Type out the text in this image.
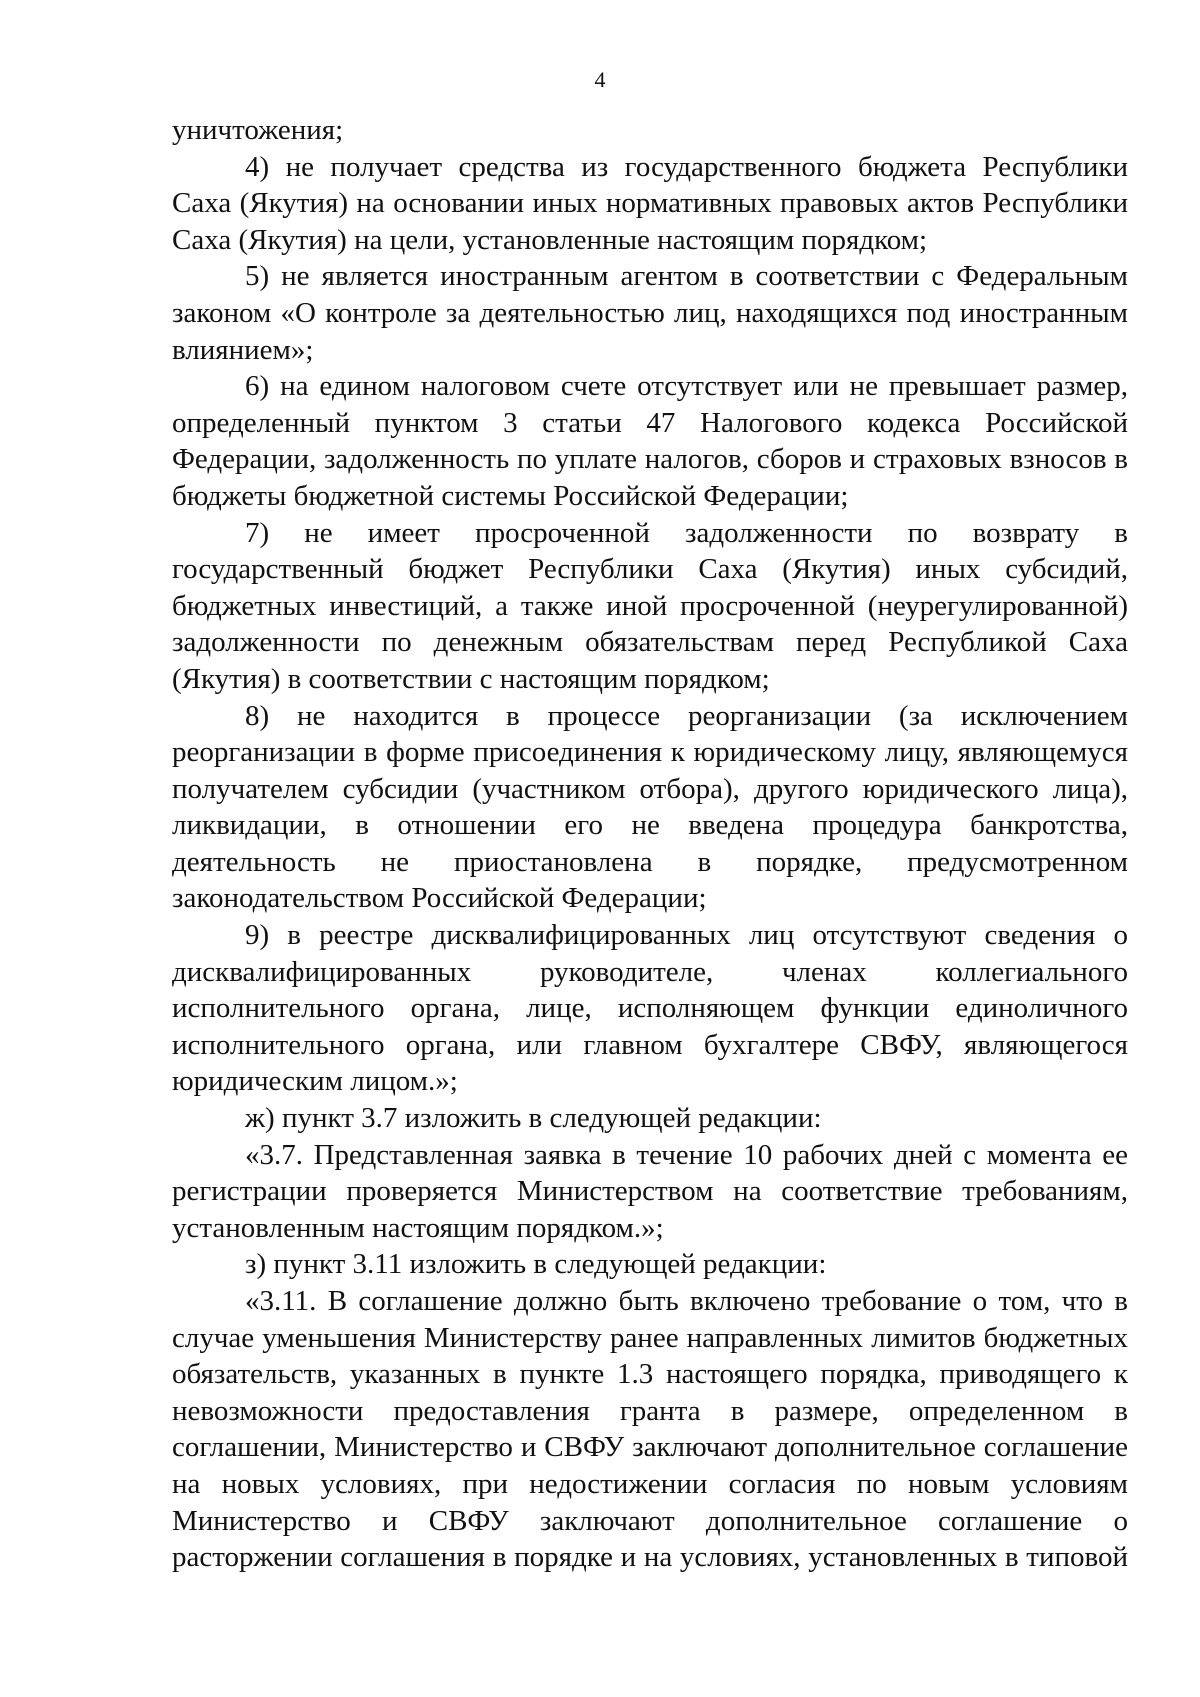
4

уничтожения;

4) не получает средства из государственного бюджета Республики Саха (Якутия) на основании иных нормативных правовых актов Республики Саха (Якутия) на цели, установленные настоящим порядком;

5) не является иностранным агентом в соответствии с Федеральным законом «О контроле за деятельностью лиц, находящихся под иностранным влиянием»;

6) на едином налоговом счете отсутствует или не превышает размер, определенный пунктом 3 статьи 47 Налогового кодекса Российской Федерации, задолженность по уплате налогов, сборов и страховых взносов в бюджеты бюджетной системы Российской Федерации;

7) не имеет просроченной задолженности по возврату в государственный бюджет Республики Саха (Якутия) иных субсидий, бюджетных инвестиций, а также иной просроченной (неурегулированной) задолженности по денежным обязательствам перед Республикой Саха (Якутия) в соответствии с настоящим порядком;

8) не находится в процессе реорганизации (за исключением реорганизации в форме присоединения к юридическому лицу, являющемуся получателем субсидии (участником отбора), другого юридического лица), ликвидации, в отношении его не введена процедура банкротства, деятельность не приостановлена в порядке, предусмотренном законодательством Российской Федерации;

9) в реестре дисквалифицированных лиц отсутствуют сведения о дисквалифицированных руководителе, членах коллегиального исполнительного органа, лице, исполняющем функции единоличного исполнительного органа, или главном бухгалтере СВФУ, являющегося юридическим лицом.»;

ж) пункт 3.7 изложить в следующей редакции:

«3.7. Представленная заявка в течение 10 рабочих дней с момента ее регистрации проверяется Министерством на соответствие требованиям, установленным настоящим порядком.»;

з) пункт 3.11 изложить в следующей редакции:

«3.11. В соглашение должно быть включено требование о том, что в случае уменьшения Министерству ранее направленных лимитов бюджетных обязательств, указанных в пункте 1.3 настоящего порядка, приводящего к невозможности предоставления гранта в размере, определенном в соглашении, Министерство и СВФУ заключают дополнительное соглашение на новых условиях, при недостижении согласия по новым условиям Министерство и СВФУ заключают дополнительное соглашение о расторжении соглашения в порядке и на условиях, установленных в типовой
